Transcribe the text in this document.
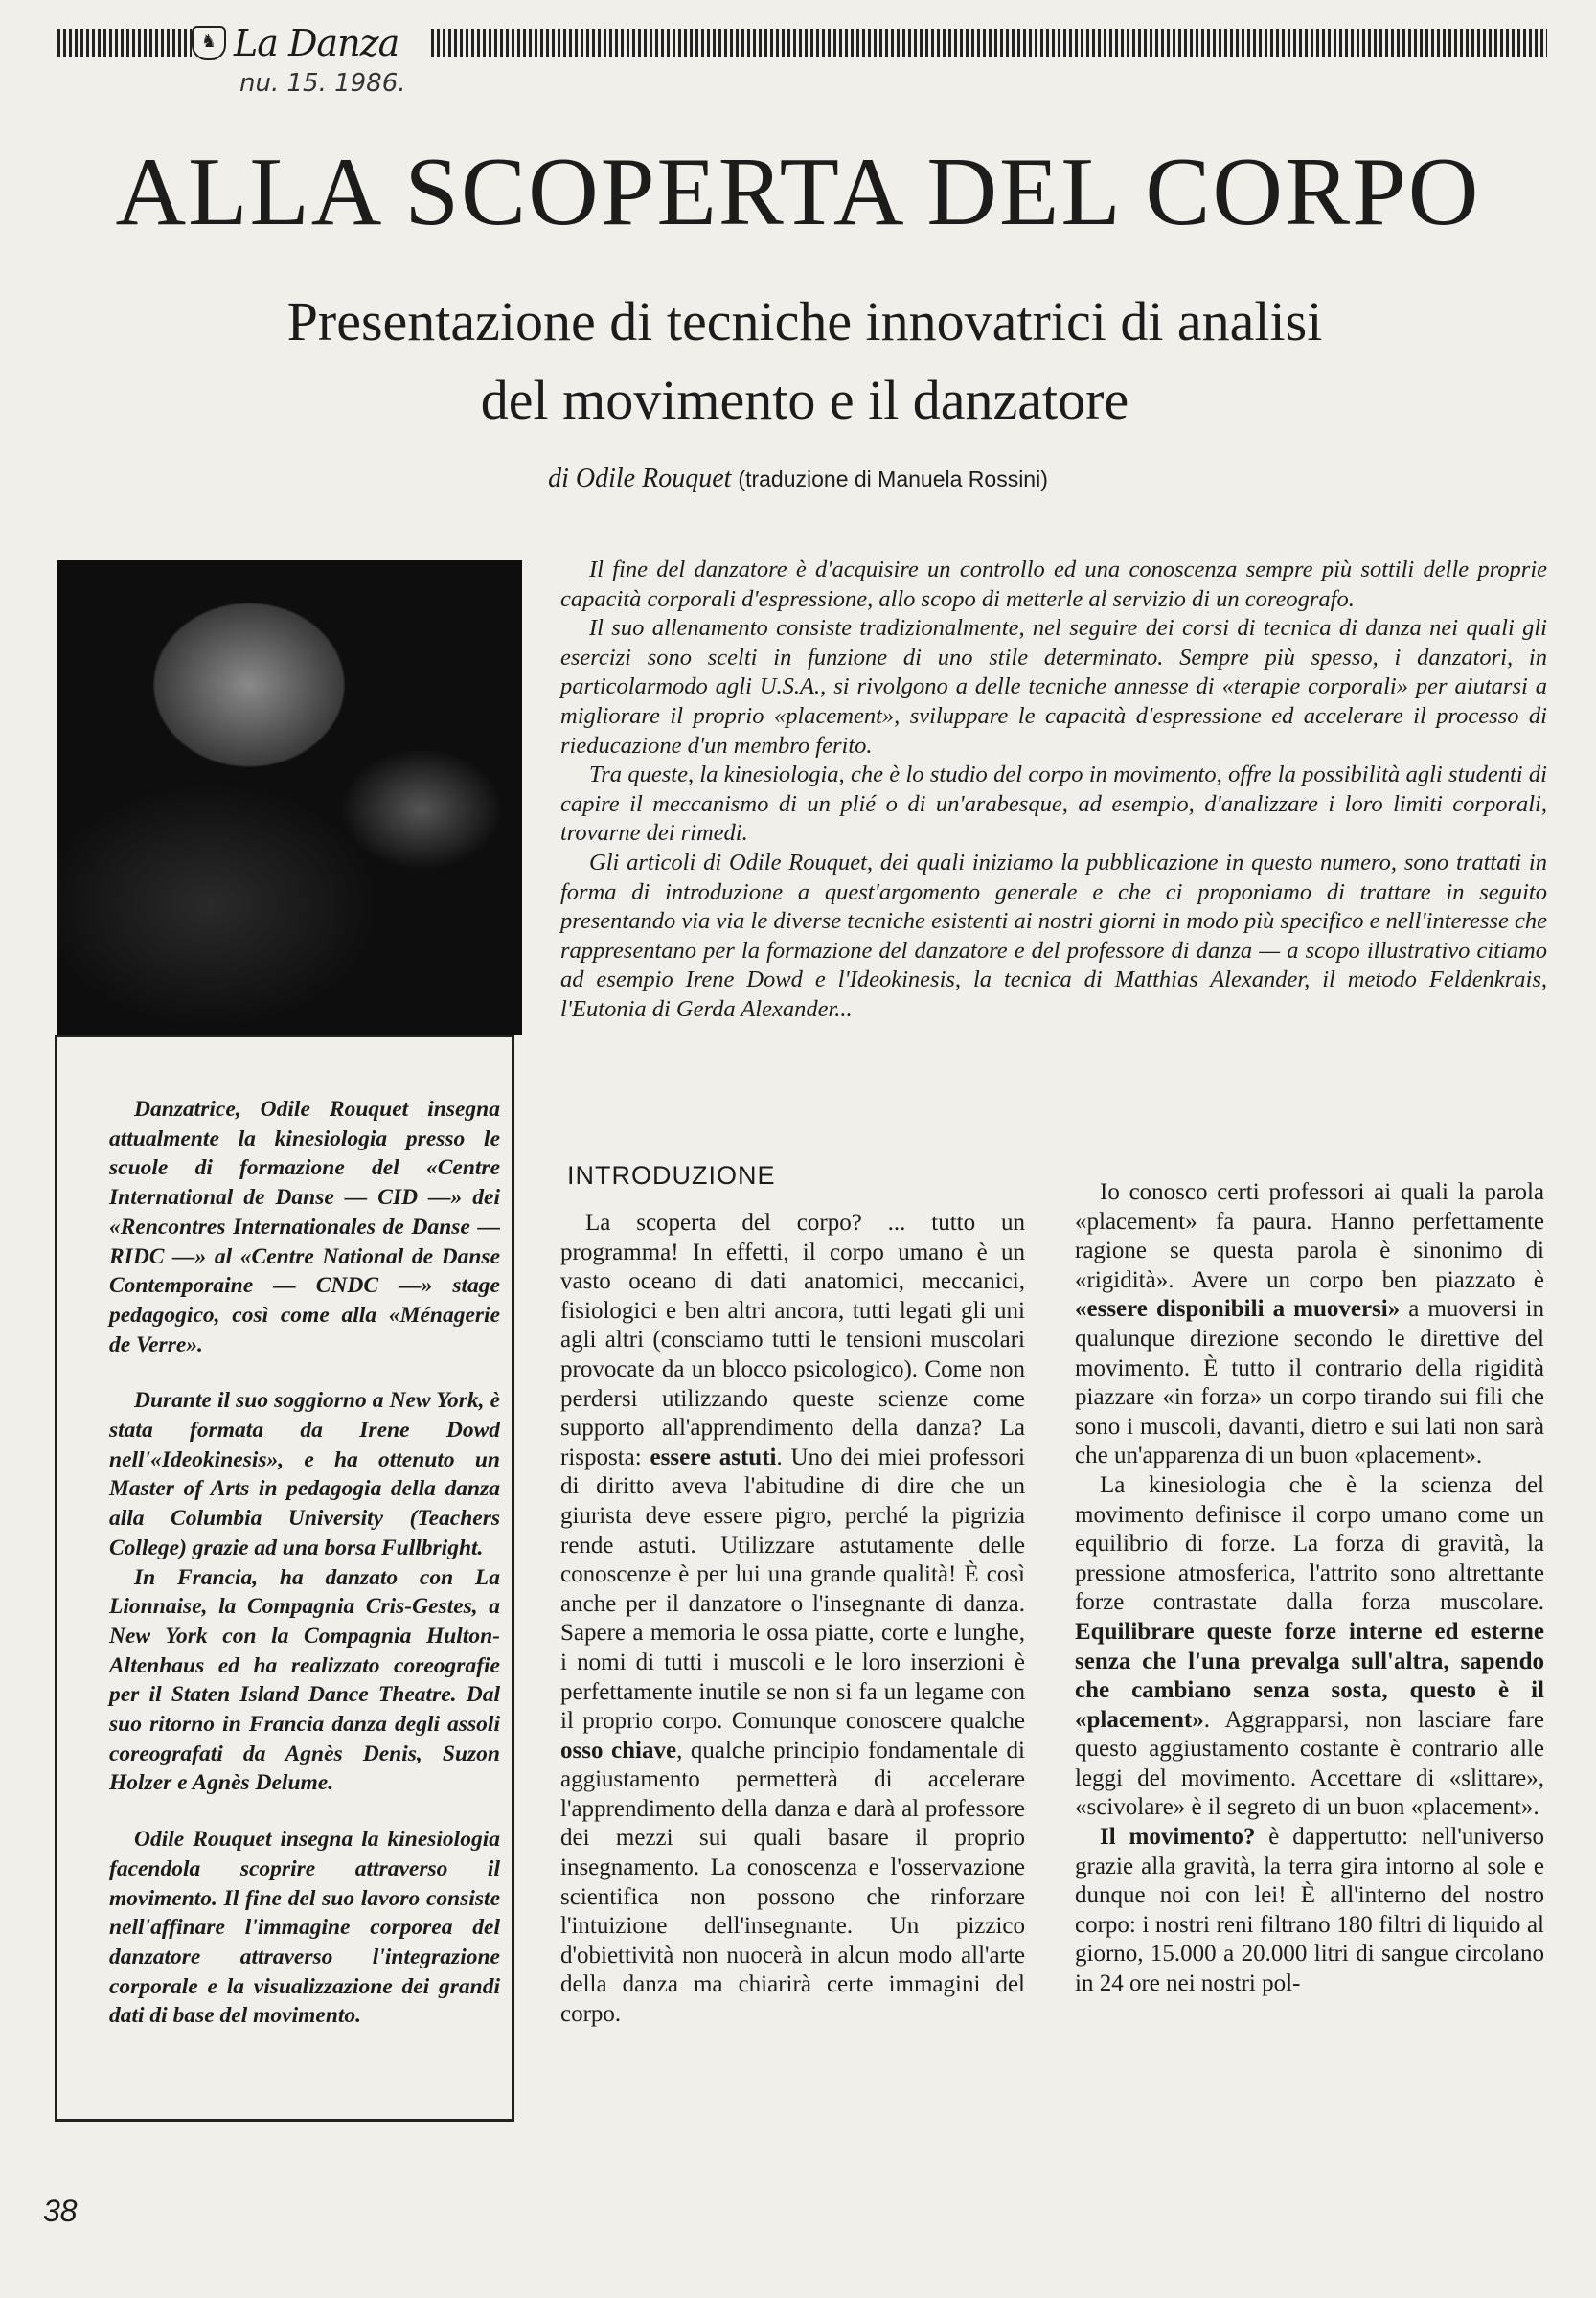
♞ La Danza
nu. 15. 1986.
ALLA SCOPERTA DEL CORPO
Presentazione di tecniche innovatrici di analisi
del movimento e il danzatore
di Odile Rouquet (traduzione di Manuela Rossini)

Danzatrice, Odile Rouquet insegna attualmente la kinesiologia presso le scuole di formazione del «Centre International de Danse — CID —» dei «Rencontres Internationales de Danse — RIDC —» al «Centre National de Danse Contemporaine — CNDC —» stage pedagogico, così come alla «Ménagerie de Verre».

Durante il suo soggiorno a New York, è stata formata da Irene Dowd nell'«Ideokinesis», e ha ottenuto un Master of Arts in pedagogia della danza alla Columbia University (Teachers College) grazie ad una borsa Fullbright.

In Francia, ha danzato con La Lionnaise, la Compagnia Cris-Gestes, a New York con la Compagnia Hulton-Altenhaus ed ha realizzato coreografie per il Staten Island Dance Theatre. Dal suo ritorno in Francia danza degli assoli coreografati da Agnès Denis, Suzon Holzer e Agnès Delume.

Odile Rouquet insegna la kinesiologia facendola scoprire attraverso il movimento. Il fine del suo lavoro consiste nell'affinare l'immagine corporea del danzatore attraverso l'integrazione corporale e la visualizzazione dei grandi dati di base del movimento.

Il fine del danzatore è d'acquisire un controllo ed una conoscenza sempre più sottili delle proprie capacità corporali d'espressione, allo scopo di metterle al servizio di un coreografo.

Il suo allenamento consiste tradizionalmente, nel seguire dei corsi di tecnica di danza nei quali gli esercizi sono scelti in funzione di uno stile determinato. Sempre più spesso, i danzatori, in particolarmodo agli U.S.A., si rivolgono a delle tecniche annesse di «terapie corporali» per aiutarsi a migliorare il proprio «placement», sviluppare le capacità d'espressione ed accelerare il processo di rieducazione d'un membro ferito.

Tra queste, la kinesiologia, che è lo studio del corpo in movimento, offre la possibilità agli studenti di capire il meccanismo di un plié o di un'arabesque, ad esempio, d'analizzare i loro limiti corporali, trovarne dei rimedi.

Gli articoli di Odile Rouquet, dei quali iniziamo la pubblicazione in questo numero, sono trattati in forma di introduzione a quest'argomento generale e che ci proponiamo di trattare in seguito presentando via via le diverse tecniche esistenti ai nostri giorni in modo più specifico e nell'interesse che rappresentano per la formazione del danzatore e del professore di danza — a scopo illustrativo citiamo ad esempio Irene Dowd e l'Ideokinesis, la tecnica di Matthias Alexander, il metodo Feldenkrais, l'Eutonia di Gerda Alexander...

INTRODUZIONE

La scoperta del corpo? ... tutto un programma! In effetti, il corpo umano è un vasto oceano di dati anatomici, meccanici, fisiologici e ben altri ancora, tutti legati gli uni agli altri (consciamo tutti le tensioni muscolari provocate da un blocco psicologico). Come non perdersi utilizzando queste scienze come supporto all'apprendimento della danza? La risposta: essere astuti. Uno dei miei professori di diritto aveva l'abitudine di dire che un giurista deve essere pigro, perché la pigrizia rende astuti. Utilizzare astutamente delle conoscenze è per lui una grande qualità! È così anche per il danzatore o l'insegnante di danza. Sapere a memoria le ossa piatte, corte e lunghe, i nomi di tutti i muscoli e le loro inserzioni è perfettamente inutile se non si fa un legame con il proprio corpo. Comunque conoscere qualche osso chiave, qualche principio fondamentale di aggiustamento permetterà di accelerare l'apprendimento della danza e darà al professore dei mezzi sui quali basare il proprio insegnamento. La conoscenza e l'osservazione scientifica non possono che rinforzare l'intuizione dell'insegnante. Un pizzico d'obiettività non nuocerà in alcun modo all'arte della danza ma chiarirà certe immagini del corpo.

Io conosco certi professori ai quali la parola «placement» fa paura. Hanno perfettamente ragione se questa parola è sinonimo di «rigidità». Avere un corpo ben piazzato è «essere disponibili a muoversi» a muoversi in qualunque direzione secondo le direttive del movimento. È tutto il contrario della rigidità piazzare «in forza» un corpo tirando sui fili che sono i muscoli, davanti, dietro e sui lati non sarà che un'apparenza di un buon «placement».

La kinesiologia che è la scienza del movimento definisce il corpo umano come un equilibrio di forze. La forza di gravità, la pressione atmosferica, l'attrito sono altrettante forze contrastate dalla forza muscolare. Equilibrare queste forze interne ed esterne senza che l'una prevalga sull'altra, sapendo che cambiano senza sosta, questo è il «placement». Aggrapparsi, non lasciare fare questo aggiustamento costante è contrario alle leggi del movimento. Accettare di «slittare», «scivolare» è il segreto di un buon «placement».

Il movimento? è dappertutto: nell'universo grazie alla gravità, la terra gira intorno al sole e dunque noi con lei! È all'interno del nostro corpo: i nostri reni filtrano 180 filtri di liquido al giorno, 15.000 a 20.000 litri di sangue circolano in 24 ore nei nostri pol-

38
